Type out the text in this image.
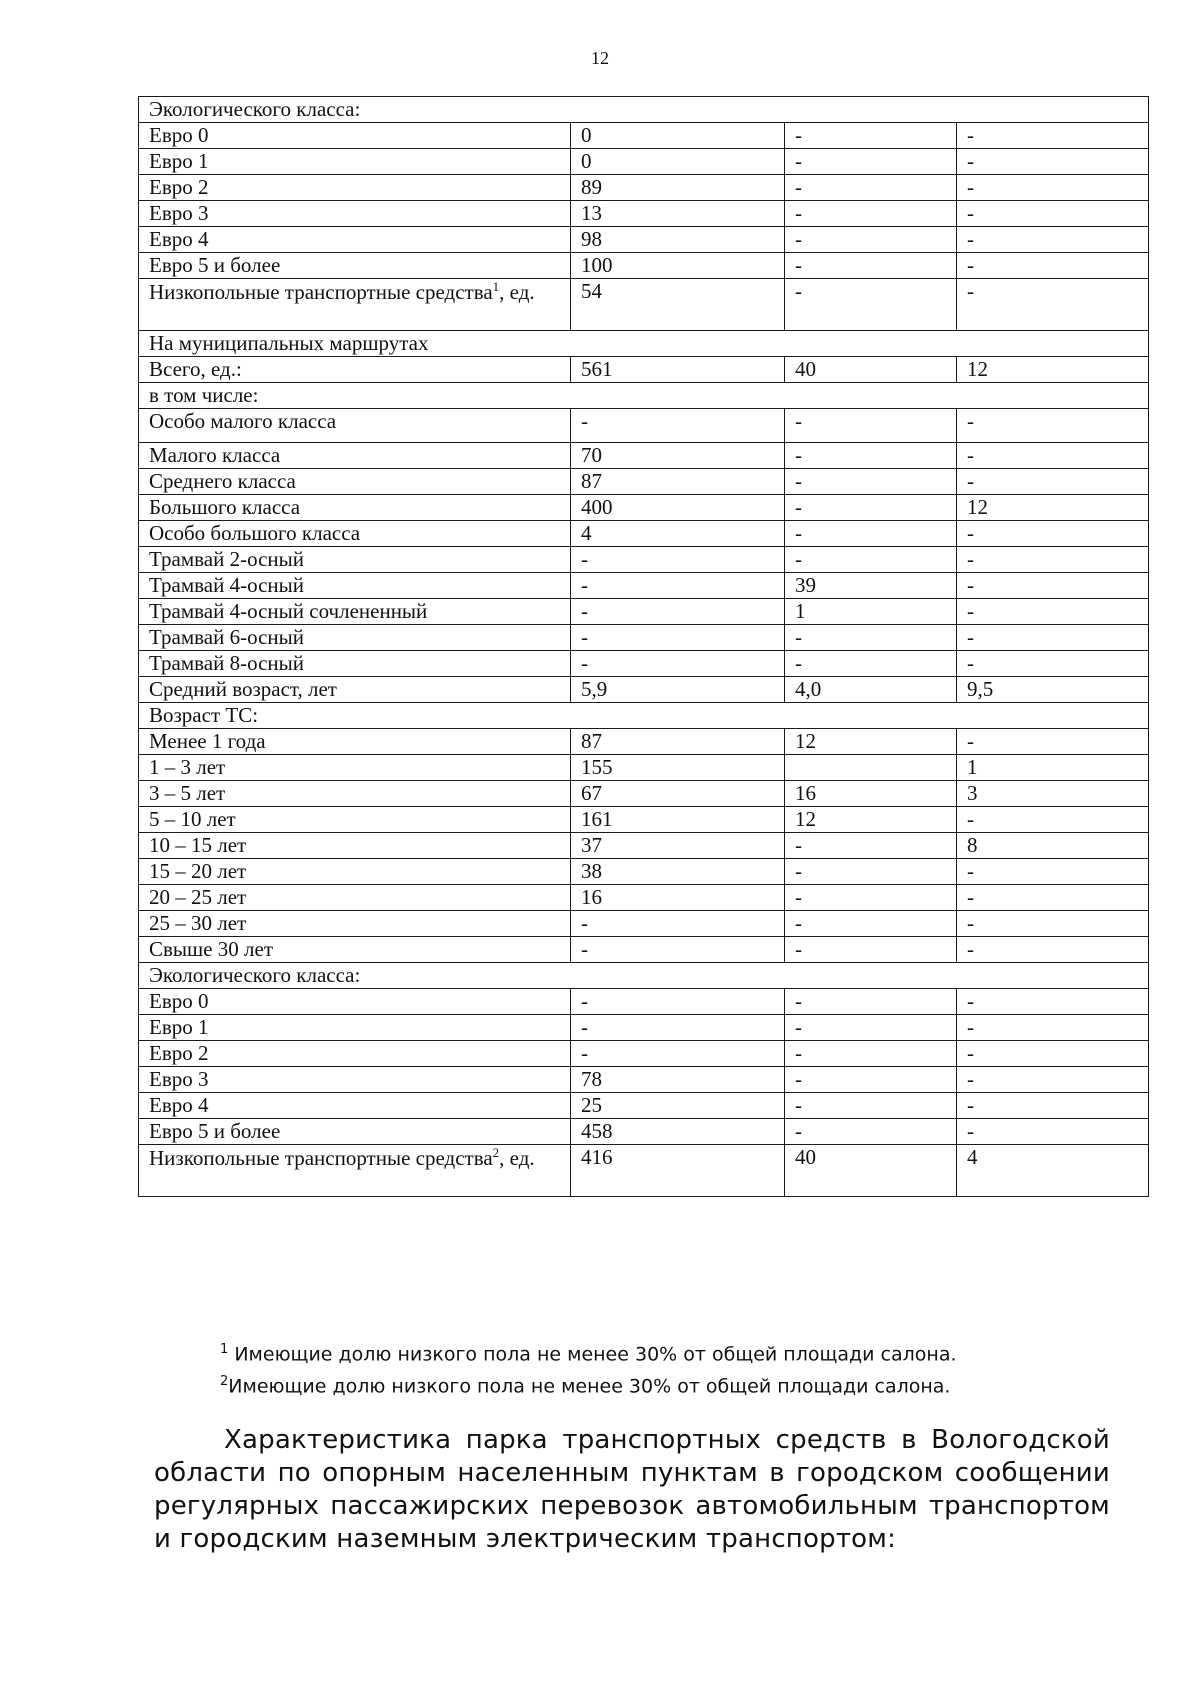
12
Экологического класса:			
Евро 0	0	-	-
Евро 1	0	-	-
Евро 2	89	-	-
Евро 3	13	-	-
Евро 4	98	-	-
Евро 5 и более	100	-	-
Низкопольные транспортные средства$^1$, ед.	54	-	-
На муниципальных маршрутах			
Всего, ед.:	561	40	12
в том числе:			
Особо малого класса	-	-	-
Малого класса	70	-	-
Среднего класса	87	-	-
Большого класса	400	-	12
Особо большого класса	4	-	-
Трамвай 2-осный	-	-	-
Трамвай 4-осный	-	39	-
Трамвай 4-осный сочлененный	-	1	-
Трамвай 6-осный	-	-	-
Трамвай 8-осный	-	-	-
Средний возраст, лет	5,9	4,0	9,5
Возраст ТС:			
Менее 1 года	87	12	-
1 – 3 лет	155		1
3 – 5 лет	67	16	3
5 – 10 лет	161	12	-
10 – 15 лет	37	-	8
15 – 20 лет	38	-	-
20 – 25 лет	16	-	-
25 – 30 лет	-	-	-
Свыше 30 лет	-	-	-
Экологического класса:			
Евро 0	-	-	-
Евро 1	-	-	-
Евро 2	-	-	-
Евро 3	78	-	-
Евро 4	25	-	-
Евро 5 и более	458	-	-
Низкопольные транспортные средства$^2$, ед.	416	40	4
$^1$ Имеющие долю низкого пола не менее 30% от общей площади салона.
$^2$Имеющие долю низкого пола не менее 30% от общей площади салона.
Характеристика парка транспортных средств в Вологодской области по опорным населенным пунктам в городском сообщении регулярных пассажирских перевозок автомобильным транспортом и городским наземным электрическим транспортом:
